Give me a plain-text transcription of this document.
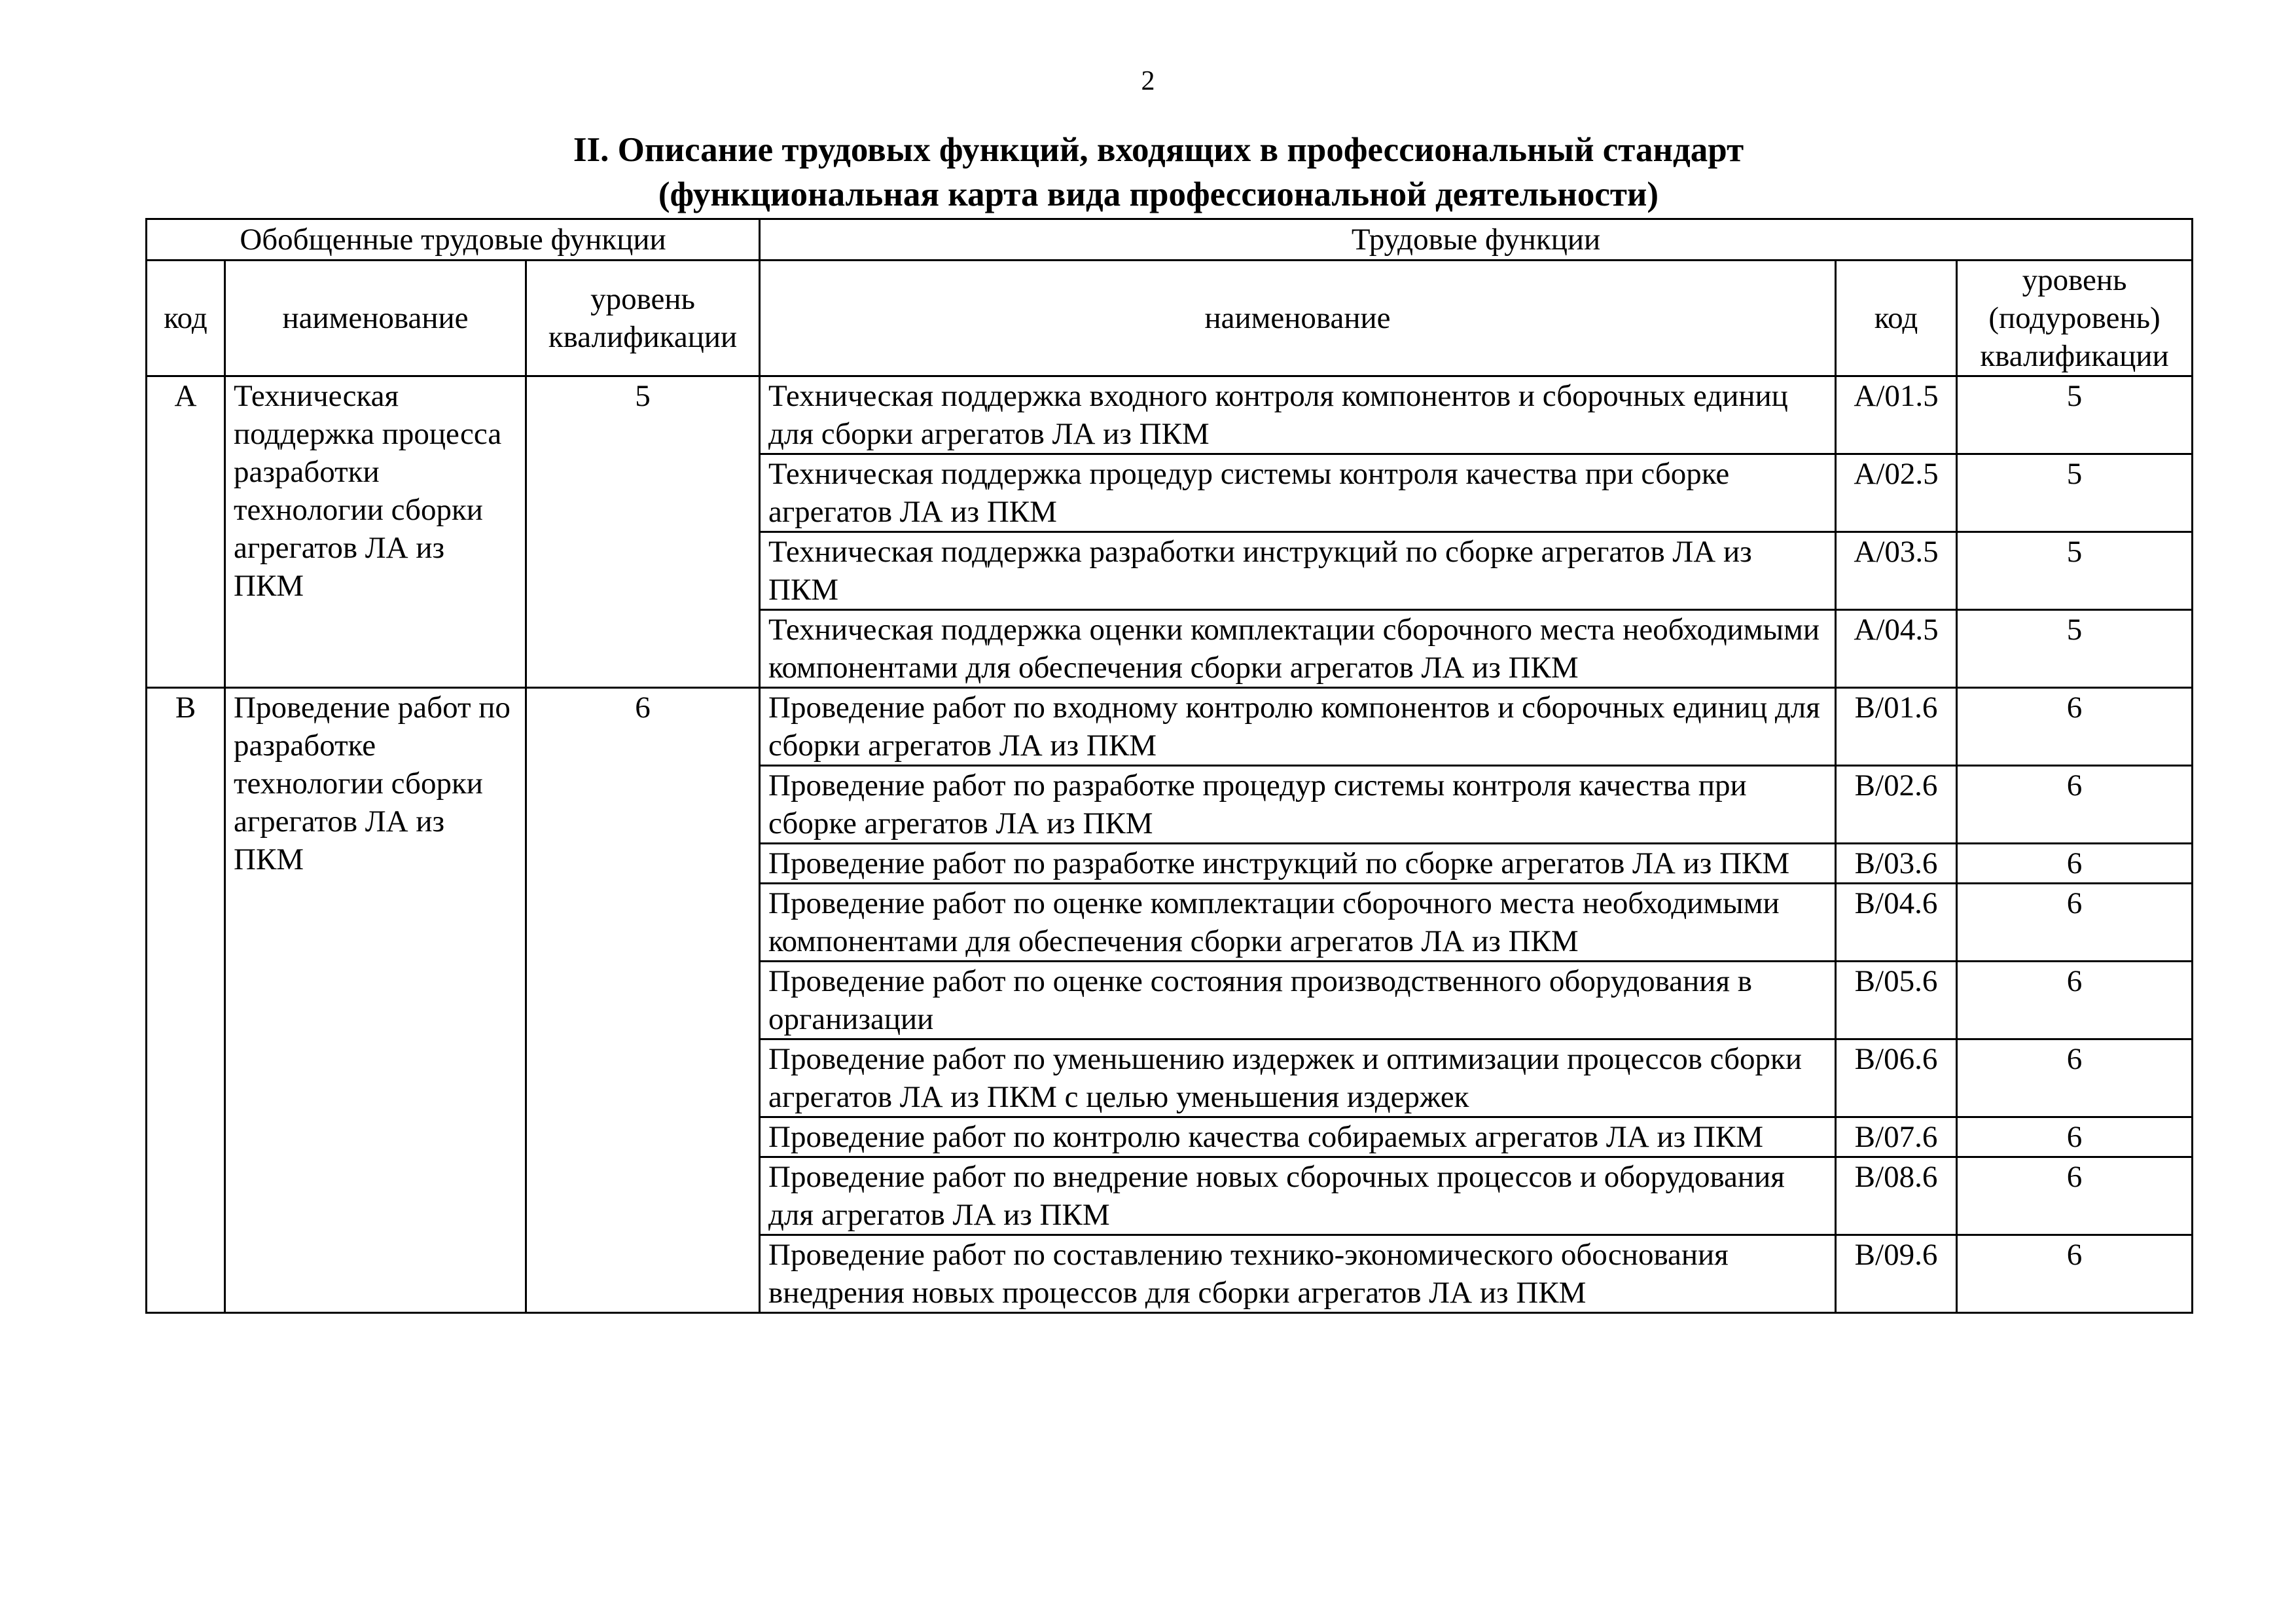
2
II. Описание трудовых функций, входящих в профессиональный стандарт
(функциональная карта вида профессиональной деятельности)
Обобщенные трудовые функции			Трудовые функции		
код	наименование	уровень квалификации	наименование	код	уровень (подуровень) квалификации
A	Техническая поддержка процесса разработки технологии сборки агрегатов ЛА из ПКМ	5	Техническая поддержка входного контроля компонентов и сборочных единиц для сборки агрегатов ЛА из ПКМ	A/01.5	5
			Техническая поддержка процедур системы контроля качества при сборке агрегатов ЛА из ПКМ	A/02.5	5
			Техническая поддержка разработки инструкций по сборке агрегатов ЛА из ПКМ	A/03.5	5
			Техническая поддержка оценки комплектации сборочного места необходимыми компонентами для обеспечения сборки агрегатов ЛА из ПКМ	A/04.5	5
B	Проведение работ по разработке технологии сборки агрегатов ЛА из ПКМ	6	Проведение работ по входному контролю компонентов и сборочных единиц для сборки агрегатов ЛА из ПКМ	B/01.6	6
			Проведение работ по разработке процедур системы контроля качества при сборке агрегатов ЛА из ПКМ	B/02.6	6
			Проведение работ по разработке инструкций по сборке агрегатов ЛА из ПКМ	B/03.6	6
			Проведение работ по оценке комплектации сборочного места необходимыми компонентами для обеспечения сборки агрегатов ЛА из ПКМ	B/04.6	6
			Проведение работ по оценке состояния производственного оборудования в организации	B/05.6	6
			Проведение работ по уменьшению издержек и оптимизации процессов сборки агрегатов ЛА из ПКМ с целью уменьшения издержек	B/06.6	6
			Проведение работ по контролю качества собираемых агрегатов ЛА из ПКМ	B/07.6	6
			Проведение работ по внедрение новых сборочных процессов и оборудования для агрегатов ЛА из ПКМ	B/08.6	6
			Проведение работ по составлению технико-экономического обоснования внедрения новых процессов для сборки агрегатов ЛА из ПКМ	B/09.6	6
